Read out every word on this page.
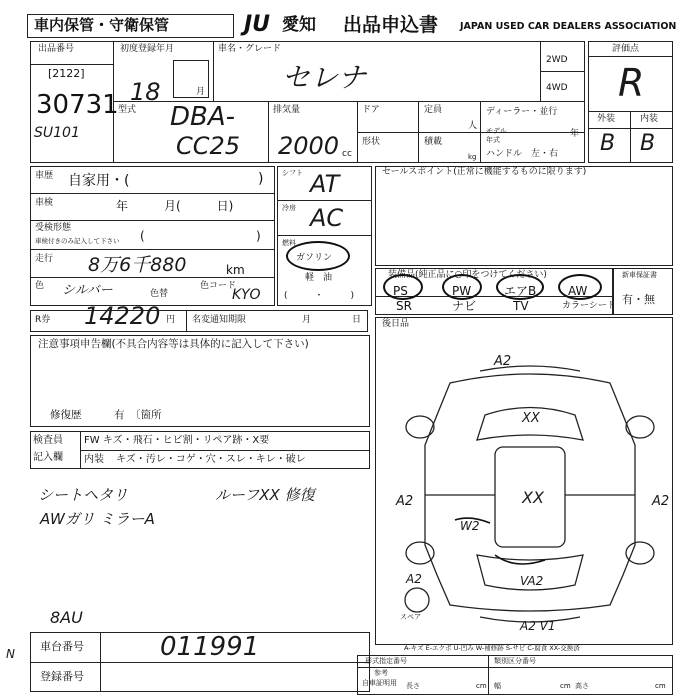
車内保管・守衛保管	JU 愛知 出品申込書 JAPAN USED CAR DEALERS ASSOCIATION
出品番号
[2122]
30731
SU101
初度登録年月
18	月
車名・グレード
セレナ
2WD
4WD
型式 DBA-
CC25
排気量
2000 cc
ドア
形状
定員
人
積載
kg
ディーラー・並行
モデル
年式
年
ハンドル　左・右
評価点
R
外装	内装
B B
車歴 自家用・(	)
車検	年　　　月(　　　日)
受検形態
車検付きのみ記入して下さい (	)
走行 8万6千880	km
色 シルバー	色替
色コード
KYO
R券 14220 円 名変通知期限	月	日
シフト AT
冷房 AC
燃料
ガソリン
軽　油
(　　　・　　　)
セールスポイント(正常に機能するものに限ります)
装備品(純正品に○印をつけてください)
PS	PW	エアB	AW
SR	ナビ	TV	カラーシート
新車保証書
有・無
注意事項申告欄(不具合内容等は具体的に記入して下さい)
修復歴	有 〔箇所
後日品
A2
XX
XX
A2	A2
W2
A2	VA2
A2 V1
スペア
A-キズ E-エクボ U-凹み W-補修跡 S-サビ C-腐食 XX-交換済
検査員
記入欄
FW キズ・飛石・ヒビ割・リペア跡・X要
内装 キズ・汚レ・コゲ・穴・スレ・キレ・破レ
シートヘタリ
AWガリ ミラーA
ルーフXX 修復
8AU
車台番号	011991
登録番号
N	形式指定番号	類別区分番号
参考
自車証明用 長さ	cm 幅	cm 高さ	cm
